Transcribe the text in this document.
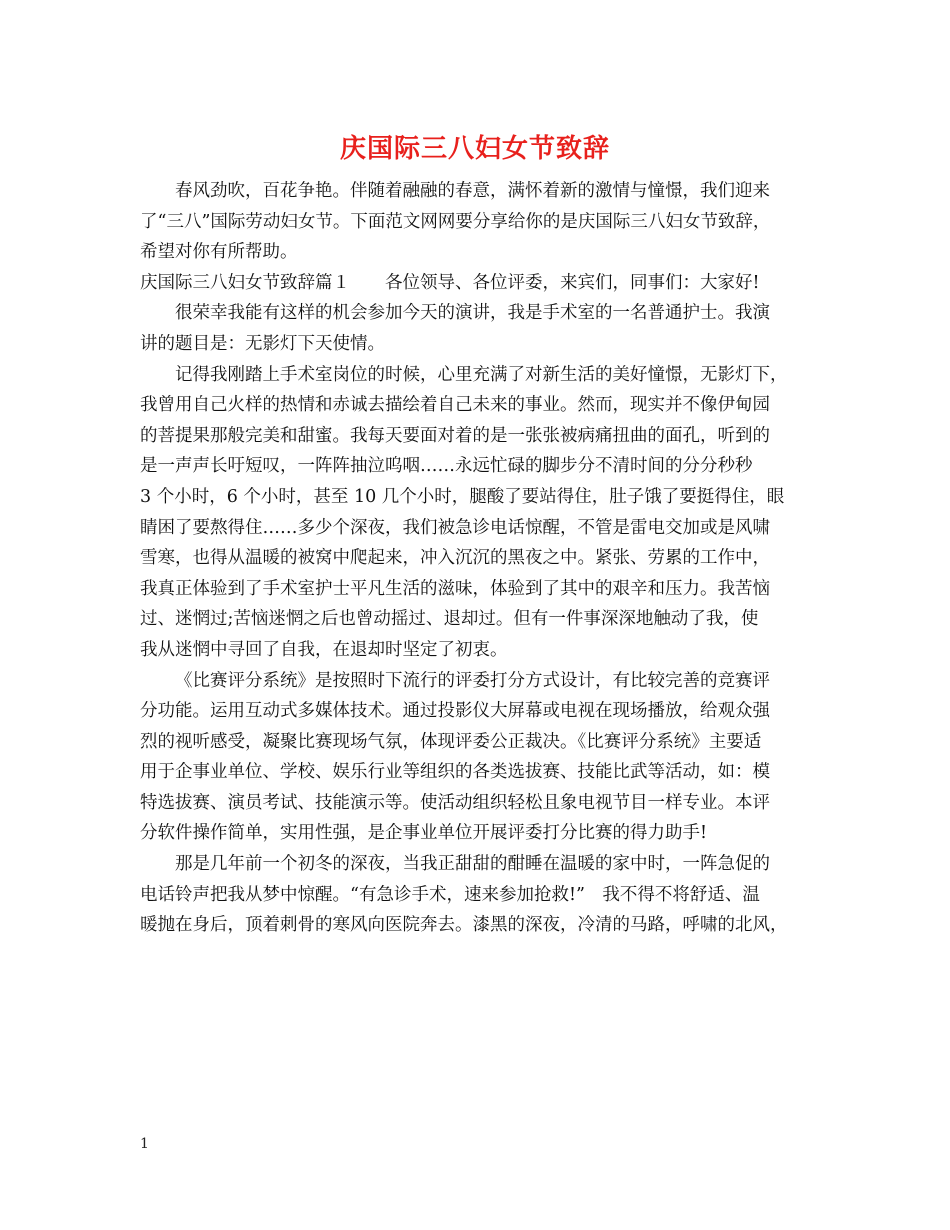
庆国际三八妇女节致辞
春风劲吹，百花争艳。伴随着融融的春意，满怀着新的激情与憧憬，我们迎来
了“三八”国际劳动妇女节。下面范文网网要分享给你的是庆国际三八妇女节致辞，
希望对你有所帮助。
庆国际三八妇女节致辞篇１　　各位领导、各位评委，来宾们，同事们：大家好!
很荣幸我能有这样的机会参加今天的演讲，我是手术室的一名普通护士。我演
讲的题目是：无影灯下天使情。
记得我刚踏上手术室岗位的时候，心里充满了对新生活的美好憧憬，无影灯下，
我曾用自己火样的热情和赤诚去描绘着自己未来的事业。然而，现实并不像伊甸园
的菩提果那般完美和甜蜜。我每天要面对着的是一张张被病痛扭曲的面孔，听到的
是一声声长吁短叹，一阵阵抽泣呜咽……永远忙碌的脚步分不清时间的分分秒秒
3 个小时，6 个小时，甚至 10 几个小时，腿酸了要站得住，肚子饿了要挺得住，眼
睛困了要熬得住……多少个深夜，我们被急诊电话惊醒，不管是雷电交加或是风啸
雪寒，也得从温暖的被窝中爬起来，冲入沉沉的黑夜之中。紧张、劳累的工作中，
我真正体验到了手术室护士平凡生活的滋味，体验到了其中的艰辛和压力。我苦恼
过、迷惘过;苦恼迷惘之后也曾动摇过、退却过。但有一件事深深地触动了我，使
我从迷惘中寻回了自我，在退却时坚定了初衷。
《比赛评分系统》是按照时下流行的评委打分方式设计，有比较完善的竞赛评
分功能。运用互动式多媒体技术。通过投影仪大屏幕或电视在现场播放，给观众强
烈的视听感受，凝聚比赛现场气氛，体现评委公正裁决。《比赛评分系统》主要适
用于企事业单位、学校、娱乐行业等组织的各类选拔赛、技能比武等活动，如：模
特选拔赛、演员考试、技能演示等。使活动组织轻松且象电视节目一样专业。本评
分软件操作简单，实用性强，是企事业单位开展评委打分比赛的得力助手!
那是几年前一个初冬的深夜，当我正甜甜的酣睡在温暖的家中时，一阵急促的
电话铃声把我从梦中惊醒。“有急诊手术，速来参加抢救!”　我不得不将舒适、温
暖抛在身后，顶着刺骨的寒风向医院奔去。漆黑的深夜，冷清的马路，呼啸的北风，
1
